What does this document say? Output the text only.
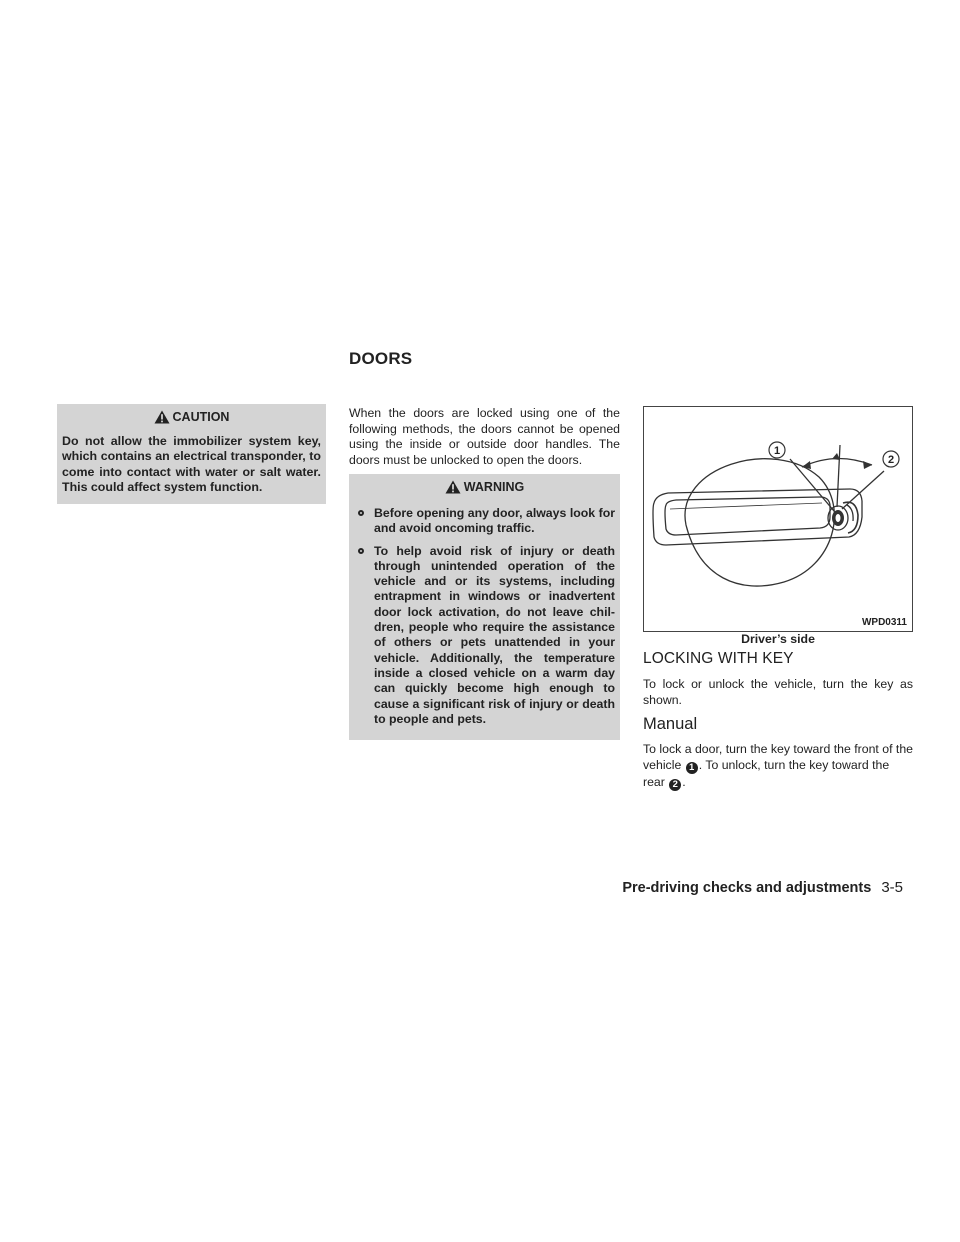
DOORS
CAUTION
Do not allow the immobilizer system key, which contains an electrical transponder, to come into contact with water or salt water. This could affect system function.
When the doors are locked using one of the following methods, the doors cannot be opened using the inside or outside door handles. The doors must be unlocked to open the doors.
WARNING
Before opening any door, always look for and avoid oncoming traffic.
To help avoid risk of injury or death through unintended operation of the vehicle and or its systems, including entrapment in windows or inadvertent door lock activation, do not leave chil-dren, people who require the assistance of others or pets unattended in your vehicle. Additionally, the temperature inside a closed vehicle on a warm day can quickly become high enough to cause a significant risk of injury or death to people and pets.
1
2
WPD0311
Driver’s side
LOCKING WITH KEY
To lock or unlock the vehicle, turn the key as shown.
Manual
To lock a door, turn the key toward the front of the vehicle 1 . To unlock, turn the key toward the rear 2 .
Pre-driving checks and adjustments 3-5
